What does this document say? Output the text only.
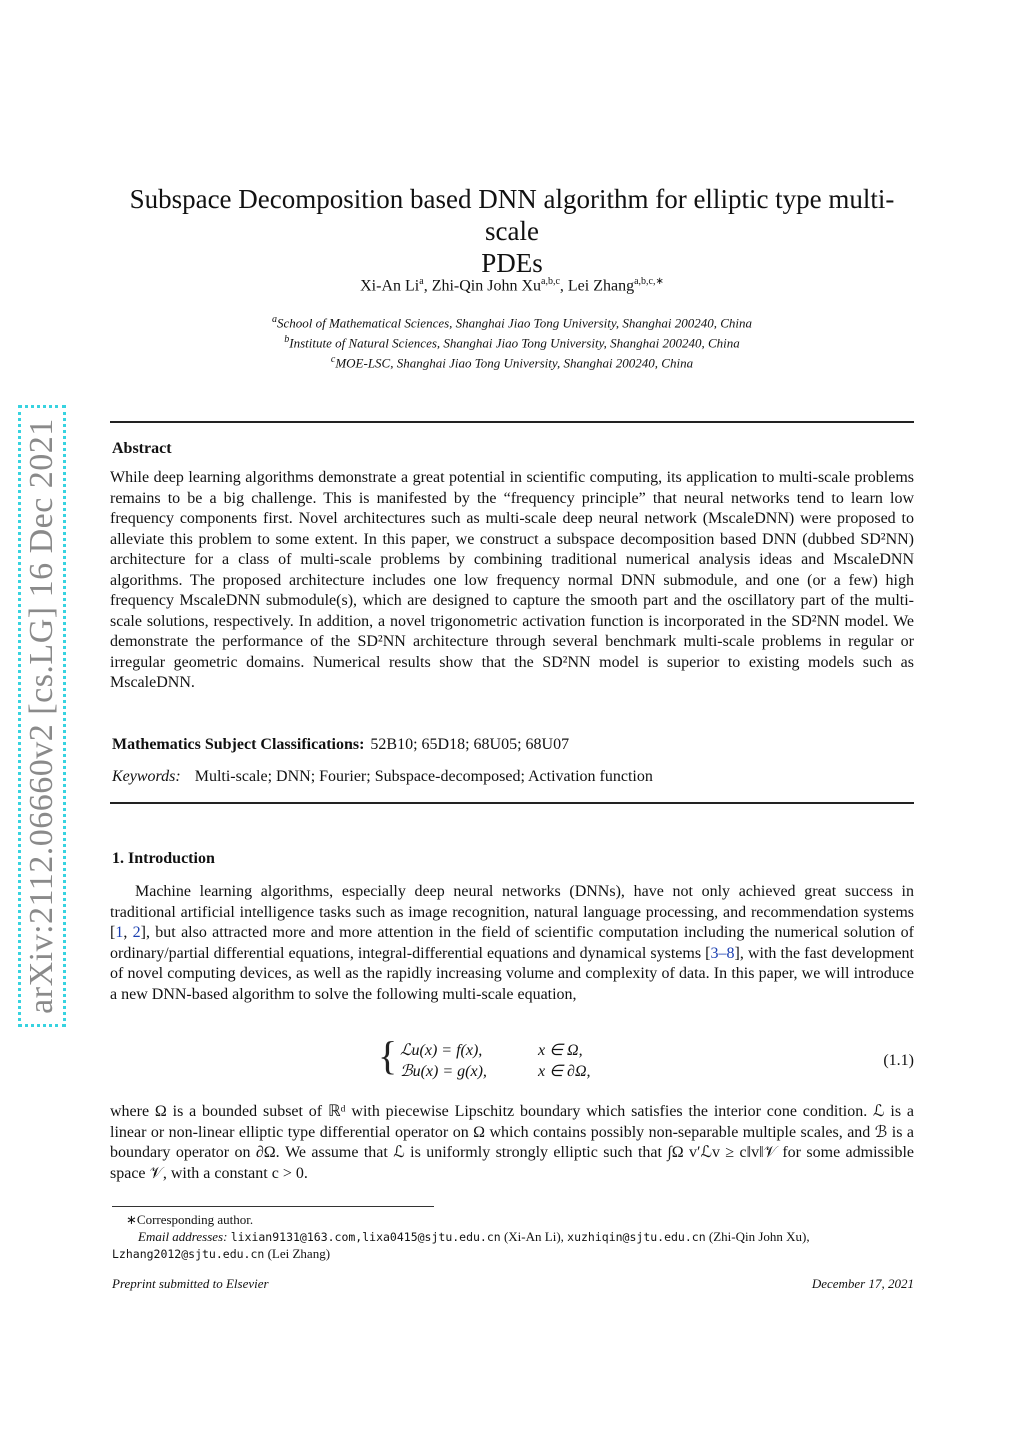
arXiv:2112.06660v2 [cs.LG] 16 Dec 2021
Subspace Decomposition based DNN algorithm for elliptic type multi-scale
PDEs
Xi-An Li$^a$, Zhi-Qin John Xu$^{a,b,c}$, Lei Zhang$^{a,b,c,∗}$
$^a$School of Mathematical Sciences, Shanghai Jiao Tong University, Shanghai 200240, China
$^b$Institute of Natural Sciences, Shanghai Jiao Tong University, Shanghai 200240, China
$^c$MOE-LSC, Shanghai Jiao Tong University, Shanghai 200240, China
Abstract
While deep learning algorithms demonstrate a great potential in scientific computing, its application to multi-scale problems remains to be a big challenge. This is manifested by the “frequency principle” that neural networks tend to learn low frequency components first. Novel architectures such as multi-scale deep neural network (MscaleDNN) were proposed to alleviate this problem to some extent. In this paper, we construct a subspace decomposition based DNN (dubbed SD²NN) architecture for a class of multi-scale problems by combining traditional numerical analysis ideas and MscaleDNN algorithms. The proposed architecture includes one low frequency normal DNN submodule, and one (or a few) high frequency MscaleDNN submodule(s), which are designed to capture the smooth part and the oscillatory part of the multi-scale solutions, respectively. In addition, a novel trigonometric activation function is incorporated in the SD²NN model. We demonstrate the performance of the SD²NN architecture through several benchmark multi-scale problems in regular or irregular geometric domains. Numerical results show that the SD²NN model is superior to existing models such as MscaleDNN.
Mathematics Subject Classifications: 52B10; 65D18; 68U05; 68U07
Keywords: Multi-scale; DNN; Fourier; Subspace-decomposed; Activation function
1. Introduction
Machine learning algorithms, especially deep neural networks (DNNs), have not only achieved great success in traditional artificial intelligence tasks such as image recognition, natural language processing, and recommendation systems [1, 2], but also attracted more and more attention in the field of scientific computation including the numerical solution of ordinary/partial differential equations, integral-differential equations and dynamical systems [3–8], with the fast development of novel computing devices, as well as the rapidly increasing volume and complexity of data. In this paper, we will introduce a new DNN-based algorithm to solve the following multi-scale equation,
{ ℒu(x) = f(x),	x ∈ Ω,
ℬu(x) = g(x),	x ∈ ∂Ω,
(1.1)
where Ω is a bounded subset of ℝᵈ with piecewise Lipschitz boundary which satisfies the interior cone condition. ℒ is a linear or non-linear elliptic type differential operator on Ω which contains possibly non-separable multiple scales, and ℬ is a boundary operator on ∂Ω. We assume that ℒ is uniformly strongly elliptic such that ∫Ω v′ℒv ≥ c‖v‖𝒱 for some admissible space 𝒱, with a constant c > 0.
∗Corresponding author.
Email addresses: lixian9131@163.com,lixa0415@sjtu.edu.cn (Xi-An Li), xuzhiqin@sjtu.edu.cn (Zhi-Qin John Xu), Lzhang2012@sjtu.edu.cn (Lei Zhang)
Preprint submitted to Elsevier	December 17, 2021
